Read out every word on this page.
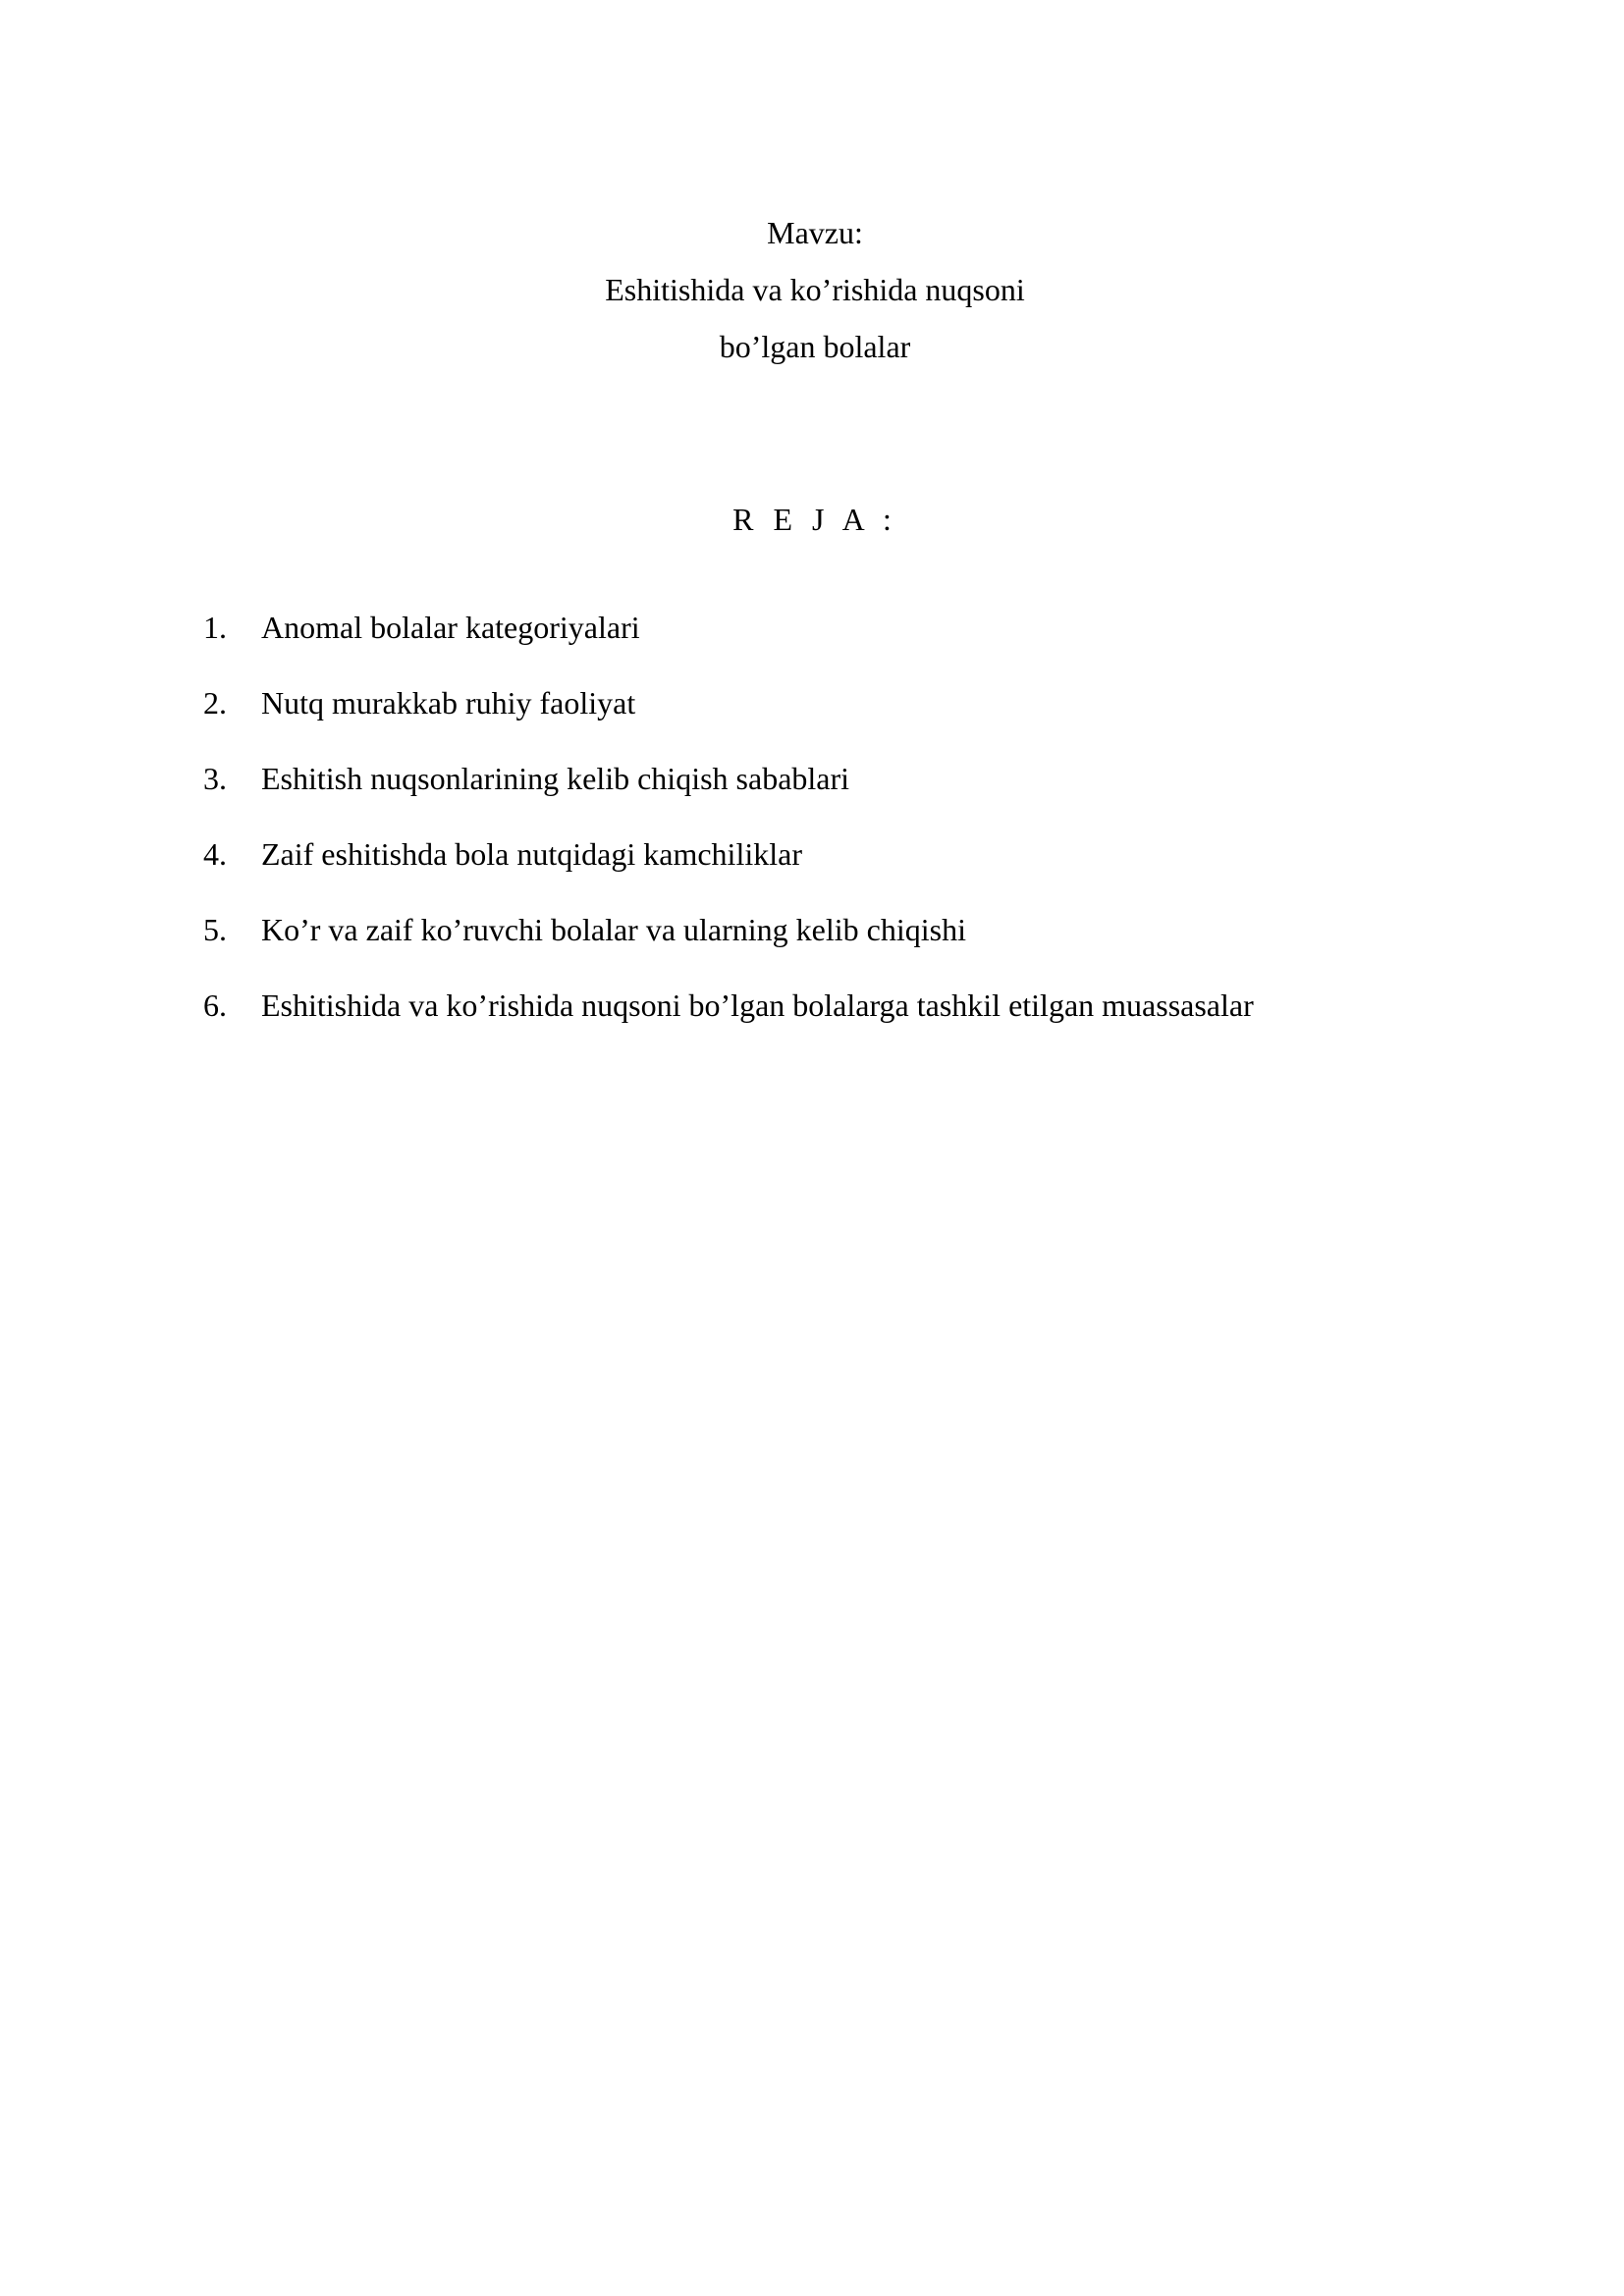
Mavzu:
Eshitishida va ko’rishida nuqsoni
bo’lgan bolalar
R E J A :
1.	Anomal bolalar kategoriyalari
2.	Nutq murakkab ruhiy faoliyat
3.	Eshitish nuqsonlarining kelib chiqish sabablari
4.	Zaif eshitishda bola nutqidagi kamchiliklar
5.	Ko’r va zaif ko’ruvchi bolalar va ularning kelib chiqishi
6.	Eshitishida va ko’rishida nuqsoni bo’lgan bolalarga tashkil etilgan muassasalar
